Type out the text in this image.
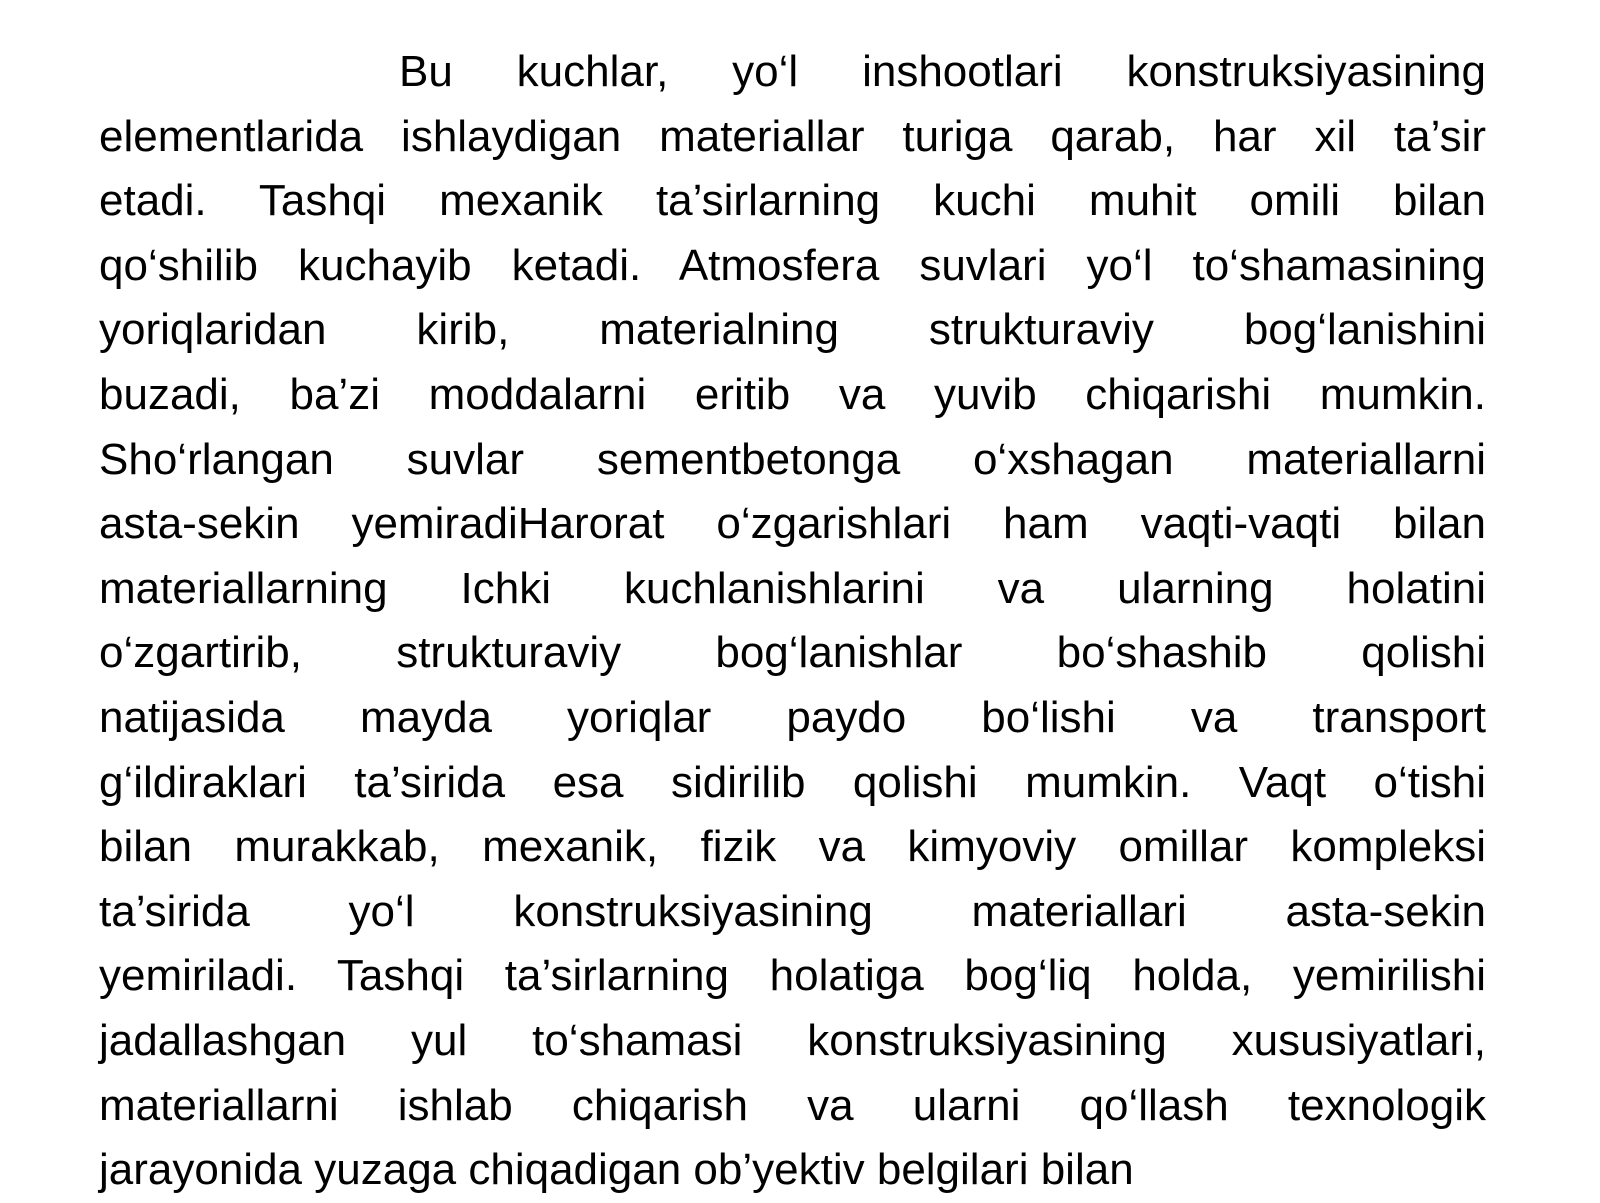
Bu kuchlar, yo‘l inshootlari konstruksiyasining
elementlarida ishlaydigan materiallar turiga qarab, har xil ta’sir
etadi. Tashqi mexanik ta’sirlarning kuchi muhit omili bilan
qo‘shilib kuchayib ketadi. Atmosfera suvlari yo‘l to‘shamasining
yoriqlaridan kirib, materialning strukturaviy bog‘lanishini
buzadi, ba’zi moddalarni eritib va yuvib chiqarishi mumkin.
Sho‘rlangan suvlar sementbetonga o‘xshagan materiallarni
asta-sekin yemiradiHarorat o‘zgarishlari ham vaqti-vaqti bilan
materiallarning Ichki kuchlanishlarini va ularning holatini
o‘zgartirib, strukturaviy bog‘lanishlar bo‘shashib qolishi
natijasida mayda yoriqlar paydo bo‘lishi va transport
g‘ildiraklari ta’sirida esa sidirilib qolishi mumkin. Vaqt o‘tishi
bilan murakkab, mexanik, fizik va kimyoviy omillar kompleksi
ta’sirida yo‘l konstruksiyasining materiallari asta-sekin
yemiriladi. Tashqi ta’sirlarning holatiga bog‘liq holda, yemirilishi
jadallashgan yul to‘shamasi konstruksiyasining xususiyatlari,
materiallarni ishlab chiqarish va ularni qo‘llash texnologik
jarayonida yuzaga chiqadigan ob’yektiv belgilari bilan
